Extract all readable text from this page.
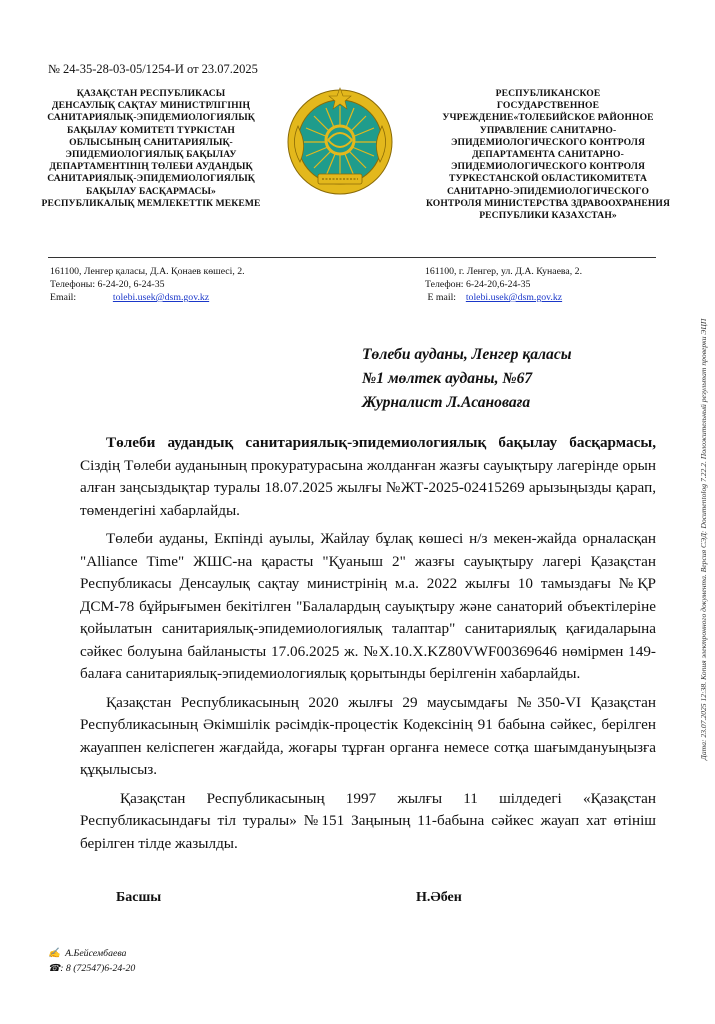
№ 24-35-28-03-05/1254-И от 23.07.2025
ҚАЗАҚСТАН РЕСПУБЛИКАСЫ
ДЕНСАУЛЫҚ САҚТАУ МИНИСТРЛІГІНІҢ
САНИТАРИЯЛЫҚ-ЭПИДЕМИОЛОГИЯЛЫҚ
БАҚЫЛАУ КОМИТЕТІ ТҮРКІСТАН
ОБЛЫСЫНЫҢ САНИТАРИЯЛЫҚ-
ЭПИДЕМИОЛОГИЯЛЫҚ БАҚЫЛАУ
ДЕПАРТАМЕНТІНІҢ ТӨЛЕБИ АУДАНДЫҚ
САНИТАРИЯЛЫҚ-ЭПИДЕМИОЛОГИЯЛЫҚ
БАҚЫЛАУ БАСҚАРМАСЫ»
РЕСПУБЛИКАЛЫҚ МЕМЛЕКЕТТІК МЕКЕМЕ
РЕСПУБЛИКАНСКОЕ
ГОСУДАРСТВЕННОЕ
УЧРЕЖДЕНИЕ«ТОЛЕБИЙСКОЕ РАЙОННОЕ
УПРАВЛЕНИЕ САНИТАРНО-
ЭПИДЕМИОЛОГИЧЕСКОГО КОНТРОЛЯ
ДЕПАРТАМЕНТА САНИТАРНО-
ЭПИДЕМИОЛОГИЧЕСКОГО КОНТРОЛЯ
ТУРКЕСТАНСКОЙ ОБЛАСТИКОМИТЕТА
САНИТАРНО-ЭПИДЕМИОЛОГИЧЕСКОГО
КОНТРОЛЯ МИНИСТЕРСТВА ЗДРАВООХРАНЕНИЯ
РЕСПУБЛИКИ КАЗАХСТАН»
161100, Ленгер қаласы, Д.А. Қонаев көшесі, 2.
Телефоны: 6-24-20, 6-24-35
Email:	tolebi.usek@dsm.gov.kz
161100, г. Ленгер, ул. Д.А. Кунаева, 2.
Телефон: 6-24-20,6-24-35
E mail: tolebi.usek@dsm.gov.kz
Төлеби ауданы, Ленгер қаласы
№1 мөлтек ауданы, №67
Журналист Л.Асановаға

Төлеби аудандық санитариялық-эпидемиологиялық бақылау басқармасы, Сіздің Төлеби ауданының прокуратурасына жолданған жазғы сауықтыру лагерінде орын алған заңсыздықтар туралы 18.07.2025 жылғы №ЖТ-2025-02415269 арызыңызды қарап, төмендегіні хабарлайды.

Төлеби ауданы, Екпінді ауылы, Жайлау бұлақ көшесі н/з мекен-жайда орналасқан "Alliance Time" ЖШС-на қарасты "Қуаныш 2" жазғы сауықтыру лагері Қазақстан Республикасы Денсаулық сақтау министрінің м.а. 2022 жылғы 10 тамыздағы №ҚР ДСМ-78 бұйрығымен бекітілген "Балалардың сауықтыру және санаторий объектілеріне қойылатын санитариялық-эпидемиологиялық талаптар" санитариялық қағидаларына сәйкес болуына байланысты 17.06.2025 ж. №X.10.X.KZ80VWF00369646 нөмірмен 149-балаға санитариялық-эпидемиологиялық қорытынды берілгенін хабарлайды.

Қазақстан Республикасының 2020 жылғы 29 маусымдағы №350-VI Қазақстан Республикасының Әкімшілік рәсімдік-процестік Кодексінің 91 бабына сәйкес, берілген жауаппен келіспеген жағдайда, жоғары тұрған органға немесе сотқа шағымдануыңызға құқылысыз.

Қазақстан Республикасының 1997 жылғы 11 шілдедегі «Қазақстан Республикасындағы тіл туралы» №151 Заңының 11-бабына сәйкес жауап хат өтініш берілген тілде жазылды.

Басшы	Н.Әбен
✍ А.Бейсембаева
☎: 8 (72547)6-24-20
Дата: 23.07.2025 12:38. Копия электронного документа. Версия СЭД: Documentolog 7.22.2. Положительный результат проверки ЭЦП
